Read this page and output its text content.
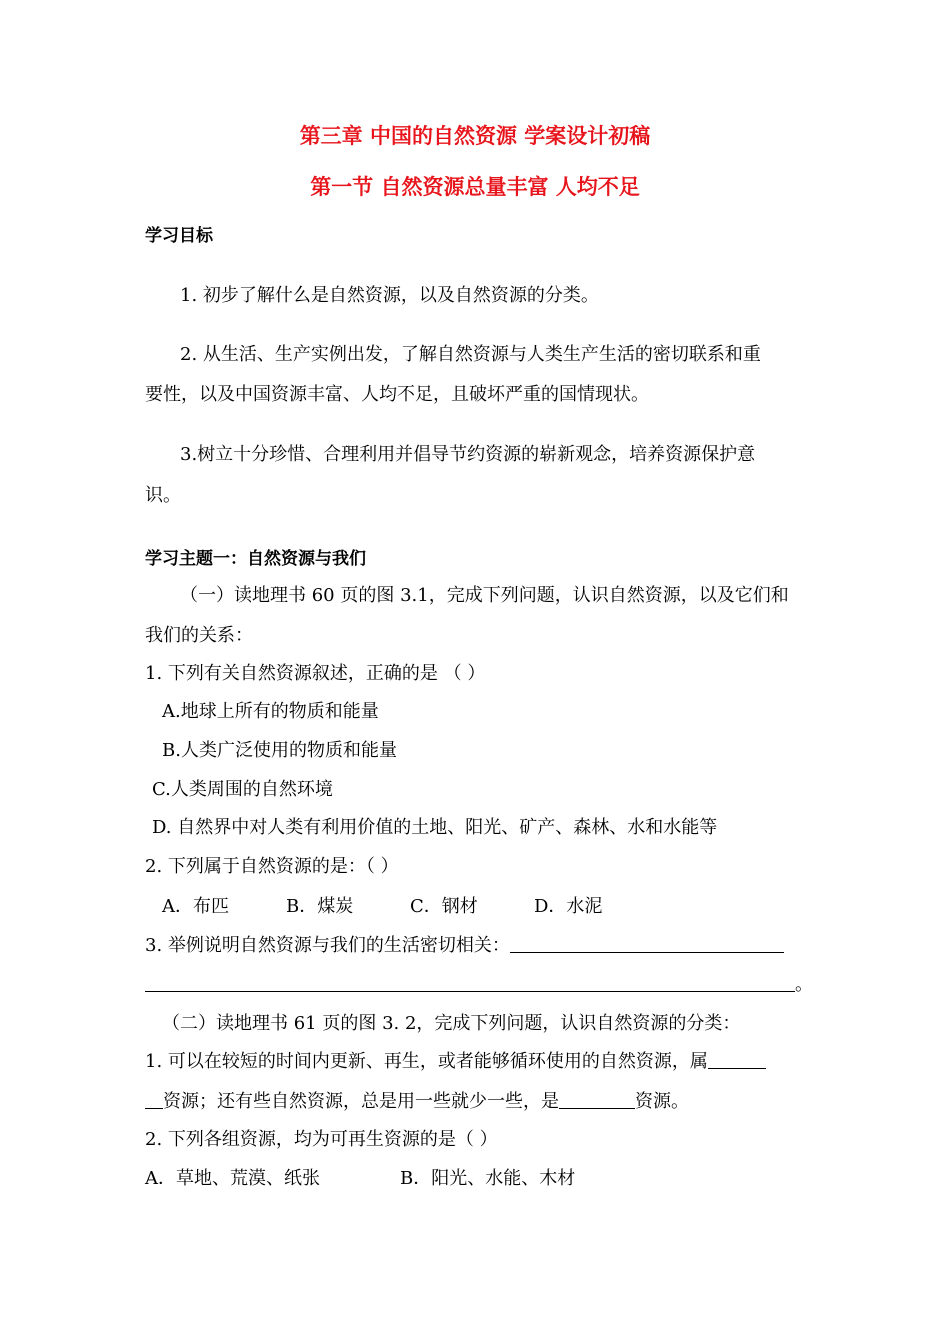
第三章 中国的自然资源 学案设计初稿
第一节 自然资源总量丰富 人均不足
学习目标
1. 初步了解什么是自然资源，以及自然资源的分类。
2. 从生活、生产实例出发，了解自然资源与人类生产生活的密切联系和重
要性，以及中国资源丰富、人均不足，且破坏严重的国情现状。
3.树立十分珍惜、合理利用并倡导节约资源的崭新观念，培养资源保护意
识。
学习主题一：自然资源与我们
（一）读地理书 60 页的图 3.1，完成下列问题，认识自然资源，以及它们和
我们的关系：
1. 下列有关自然资源叙述，正确的是 （ ）
A.地球上所有的物质和能量
B.人类广泛使用的物质和能量
C.人类周围的自然环境
D. 自然界中对人类有利用价值的土地、阳光、矿产、森林、水和水能等
2. 下列属于自然资源的是：（ ）
A．布匹	B．煤炭	C．钢材	D．水泥
3. 举例说明自然资源与我们的生活密切相关：
。
（二）读地理书 61 页的图 3. 2，完成下列问题，认识自然资源的分类：
1. 可以在较短的时间内更新、再生，或者能够循环使用的自然资源，属
资源；还有些自然资源，总是用一些就少一些，是	资源。
2. 下列各组资源，均为可再生资源的是（ ）
A．草地、荒漠、纸张	B．阳光、水能、木材
